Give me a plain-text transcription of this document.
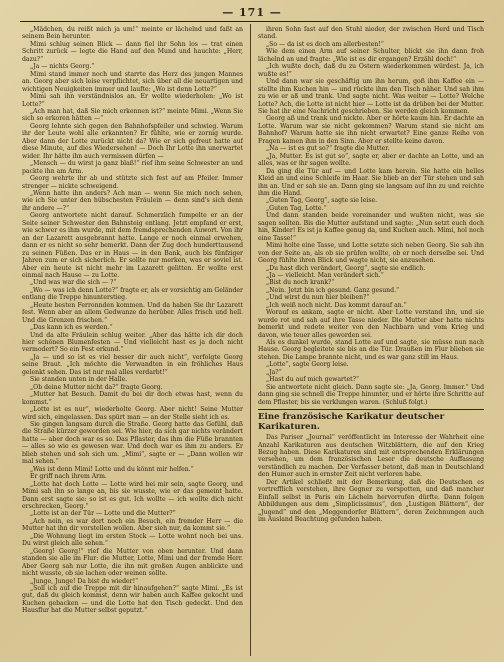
— 171 —

„Mädchen, du reißt mich ja um!“ meinte er lächelnd und faßt an seinem Bein herunter.

Mimi schlug seinen Blick — dann fiel ihr Sohn los — trat einen Schritt zurück — legte die Hand auf den Mund und hauchte: „Herr, dazu?“

„Ja — nichts Georg.“

Mimi stand immer noch und starrte das Herz des jungen Mannes an. Georg aber sich leise verpflichtet, sich über all die neuartigen und wichtigen Neuigkeiten immer und laufte: „Wo ist denn Lotte?“

Mimi sah ihn verständnislos an. Er wollte wiederholen: „Wo ist Lotte?“

„Ach man hat, daß Sie mich erkennen ist?“ meinte Mimi. „Wenn Sie sich so erkoren hätten —“

Georg lehnte sich gegen den Bahnhofspfeiler und schwieg. Warum ihr der Leute wohl alle erkannten? Er fühlte, wie er zornig wurde. Aber dann der Lotte zurückt nicht da? Wie er sich gefreut hatte auf diese Minute, auf dies Wiedersehen! — Doch Ihr Lotte ihn unerwartet wider. Ihr hätte ihn auch vermissen dürfen —

„Mensch — du wirst ja ganz blaß!“ rief ihm seine Schwester an und packte ihn am Arm.

Georg wehrte ihr ab und stützte sich fest auf am Pfeiler. Immer strenger — nickte schweigend.

„Wenn hatte ihn anders? Ach man — wenn Sie mich noch sehen, wie ich Sie unter den hübschesten Fräulein — denn sind's sich denn ihr andere —?“

Georg antwortete nicht darauf. Schmerzlich fumpelte er an der Seite seiner Schwester den Bahnsteig entlang. Jetzt empfand er erst, wie schwer es ihm wurde, mit dem fremdsprechenden Auwort. Von ihr an der Lazarett ausgebrannt hatte. Lange er noch einmal erwehen, dann er es nicht so sehr bemerkt. Dann der Zug doch hunderttausend zu seinen Füßen. Das er in Haus — in den Bank, auch bis fünfziger Jahren zum er sich sicherlich. Er sollte nur merken, was er soviel ist. Aber ein heute ist nicht mehr im Lazarett gelitten. Er wollte erst einmal nach Hause — zu Lotte.

„Und was war die sich — ?“

„Wo — was ich denn Lotte?“ fragte er, als er vorsichtig am Geländer entlang die Treppe hinunterstieg.

„Heute besten Ferronnden kommen. Und da haben Sie ihr Lazarett fest. Wenn aber an allem Gedwanze da herüber. Alles frisch und hell. Und die Grenzen frischen.“

„Das kann ich es werden.“

Und da alte Fräulein schlug weiter. „Aber das hätte ich dir doch hier schönen Blumenfesten — Und vielleicht hast es ja doch nicht vermodert? So ein Fest erkund.“

„Ja — und so ist es viel besser dir auch nicht“, verfolgte Georg seine Braut. „Ich möchte die Verwandten in ein fröhliches Haus gelenkt sehen. Das ist nur mal alles verdarbt!“

Sie standen unten in der Halle.

„Ob deine Mutter nicht da?“ fragte Georg.

„Mutter hat Besuch. Damit du bei dir doch etwas hast, wenn du kommst.“

„Lotte ist es nur“, wiederholte Georg. Aber nicht! Seine Mutter wird sich, eingelassen. Das spürt man — an der Stelle sieht ich es.

Sie gingen langsam durch die Straße. Georg hatte das Gefühl, daß die Straße kürzer geworden sei. Wie hier, da sich gar nichts verändert hatte — aber doch war es so. Das Pflaster, das ihm die Füße brannten — alles so wie es gewesen war. Und doch war es ihm zu anders. Er blieb stehen und sah sich um. „Mimi“, sagte er — „Dann wollen wir mal sehen.“

„Was ist denn Mimi! Lotte und du könnt mir helfen.“

Er griff nach ihrem Arm.

„Lotte hat doch Lotte — Lotte wird bei mir sein, sagte Georg, und Mimi sah ihn so lange an, bis sie wusste, wie er das gemeint hatte. Dann erst sagte sie: so ist es gut. Ich wollte — ich wollte dich nicht erschrecken, Georg.“

„Lotte ist an der Tür — Lotte und die Mutter?“

„Ach nein, es war dort noch ein Besuch, ein fremder Herr — die Mutter hat ihn dir vorstellen wollen. Aber sieh nur, da kommt sie.“

„Die Wohnung liegt im ersten Stock — Lotte wohnt noch bei uns. Du wirst gleich alle sehen.“

„Georg! Georg!“ rief die Mutter von oben herunter. Und dann standen sie alle im Flur: die Mutter, Lotte, Mimi und der fremde Herr. Aber Georg sah nur Lotte, die ihn mit großen Augen anblickte und nicht wusste, ob sie lachen oder weinen sollte.

„Junge, Junge! Da bist du wieder!“

„Soll ich auf die Treppe mit dir hinaufgehen?“ sagte Mimi. „Es ist gut, daß du gleich kommst, denn wir haben auch Kaffee gekocht und Kuchen gebacken — und die Lotte hat den Tisch gedeckt. Und den Hausflur hat die Mutter selbst geputzt.“

ihren Sohn fast auf den Stuhl nieder, der zwischen Herd und Tisch stand.

„So — da ist es doch am allerbesten!“

Wie dem einen Arm auf seiner Schulter, blickt sie ihn dann froh lächelnd an und fragte: „Wie ist es dir ergangen? Erzähl doch!“

„Ich wußte doch, daß du zu Ostern wiederkommen würdest. Ja, ich wußte es!“

Und dann war sie geschäftig um ihn herum, goß ihm Kaffee ein — stellte ihm Kuchen hin — und rückte ihm den Tisch näher. Und sah ihm zu wie er aß und trank. Und sagte nicht. Was weiter — Lotte? Welche Lotte? Ach, die Lotte ist nicht hier — Lotte ist da drüben bei der Mutter. Sie hat ihr eine Nachricht geschrieben. Sie werden gleich kommen.

Georg aß und trank und nickte. Aber er hörte kaum hin. Er dachte an Lotte. Warum war sie nicht gekommen? Warum stand sie nicht am Bahnhof? Warum hatte sie ihn nicht erwartet? Eine ganze Reihe von Fragen kamen ihm in den Sinn. Aber er stellte keine davon.

„Na — ist es gut so?“ fragte die Mutter.

„Ja, Mutter. Es ist gut so“, sagte er, aber er dachte an Lotte, und an alles, was er ihr sagen wollte.

Da ging die Tür auf — und Lotte kam herein. Sie hatte ein helles Kleid an und eine Schleife im Haar. Sie blieb an der Tür stehen und sah ihn an. Und er sah sie an. Dann ging sie langsam auf ihn zu und reichte ihm die Hand.

„Guten Tag, Georg“, sagte sie leise.

„Guten Tag, Lotte.“

Und dann standen beide voreinander und wußten nicht, was sie sagen sollten. Bis die Mutter aufstand und sagte: „Nun setzt euch doch hin, Kinder! Es ist ja Kaffee genug da, und Kuchen auch. Mimi, hol noch eine Tasse!“

Mimi holte eine Tasse, und Lotte setzte sich neben Georg. Sie sah ihn von der Seite an, als ob sie prüfen wollte, ob er noch derselbe sei. Und Georg fühlte ihren Blick und wagte nicht, sie anzusehen.

„Du hast dich verändert, Georg“, sagte sie endlich.

„Ja — vielleicht. Man verändert sich.“

„Bist du noch krank?“

„Nein. Jetzt bin ich gesund. Ganz gesund.“

„Und wirst du nun hier bleiben?“

„Ich weiß noch nicht. Das kommt darauf an.“

Worauf es ankam, sagte er nicht. Aber Lotte verstand ihn, und sie wurde rot und sah auf ihre Tasse nieder. Die Mutter aber hatte nichts bemerkt und redete weiter von den Nachbarn und vom Krieg und davon, wie teuer alles geworden sei.

Als es dunkel wurde, stand Lotte auf und sagte, sie müsse nun nach Hause. Georg begleitete sie bis an die Tür. Draußen im Flur blieben sie stehen. Die Lampe brannte nicht, und es war ganz still im Haus.

„Lotte“, sagte Georg leise.

„Ja?“

„Hast du auf mich gewartet?“

Sie antwortete nicht gleich. Dann sagte sie: „Ja, Georg. Immer.“ Und dann ging sie schnell die Treppe hinunter, und er hörte ihre Schritte auf dem Pflaster, bis sie verklungen waren. (Schluß folgt.)

Eine französische Karikatur deutscher Karikaturen.

Das Pariser „Journal“ veröffentlicht im Interesse der Wahrheit eine Anzahl Karikaturen aus deutschen Witzblättern, die auf den Krieg Bezug haben. Diese Karikaturen sind mit entsprechenden Erklärungen versehen, um dem französischen Leser die deutsche Auffassung verständlich zu machen. Der Verfasser betont, daß man in Deutschland den Humor auch in ernster Zeit nicht verloren habe.

Der Artikel schließt mit der Bemerkung, daß die Deutschen es vortrefflich verstehen, ihre Gegner zu verspotten, und daß mancher Einfall selbst in Paris ein Lächeln hervorrufen dürfte. Dann folgen Abbildungen aus dem „Simplicissimus“, den „Lustigen Blättern“, der „Jugend“ und den „Meggendorfer Blättern“, deren Zeichnungen auch im Ausland Beachtung gefunden haben.
